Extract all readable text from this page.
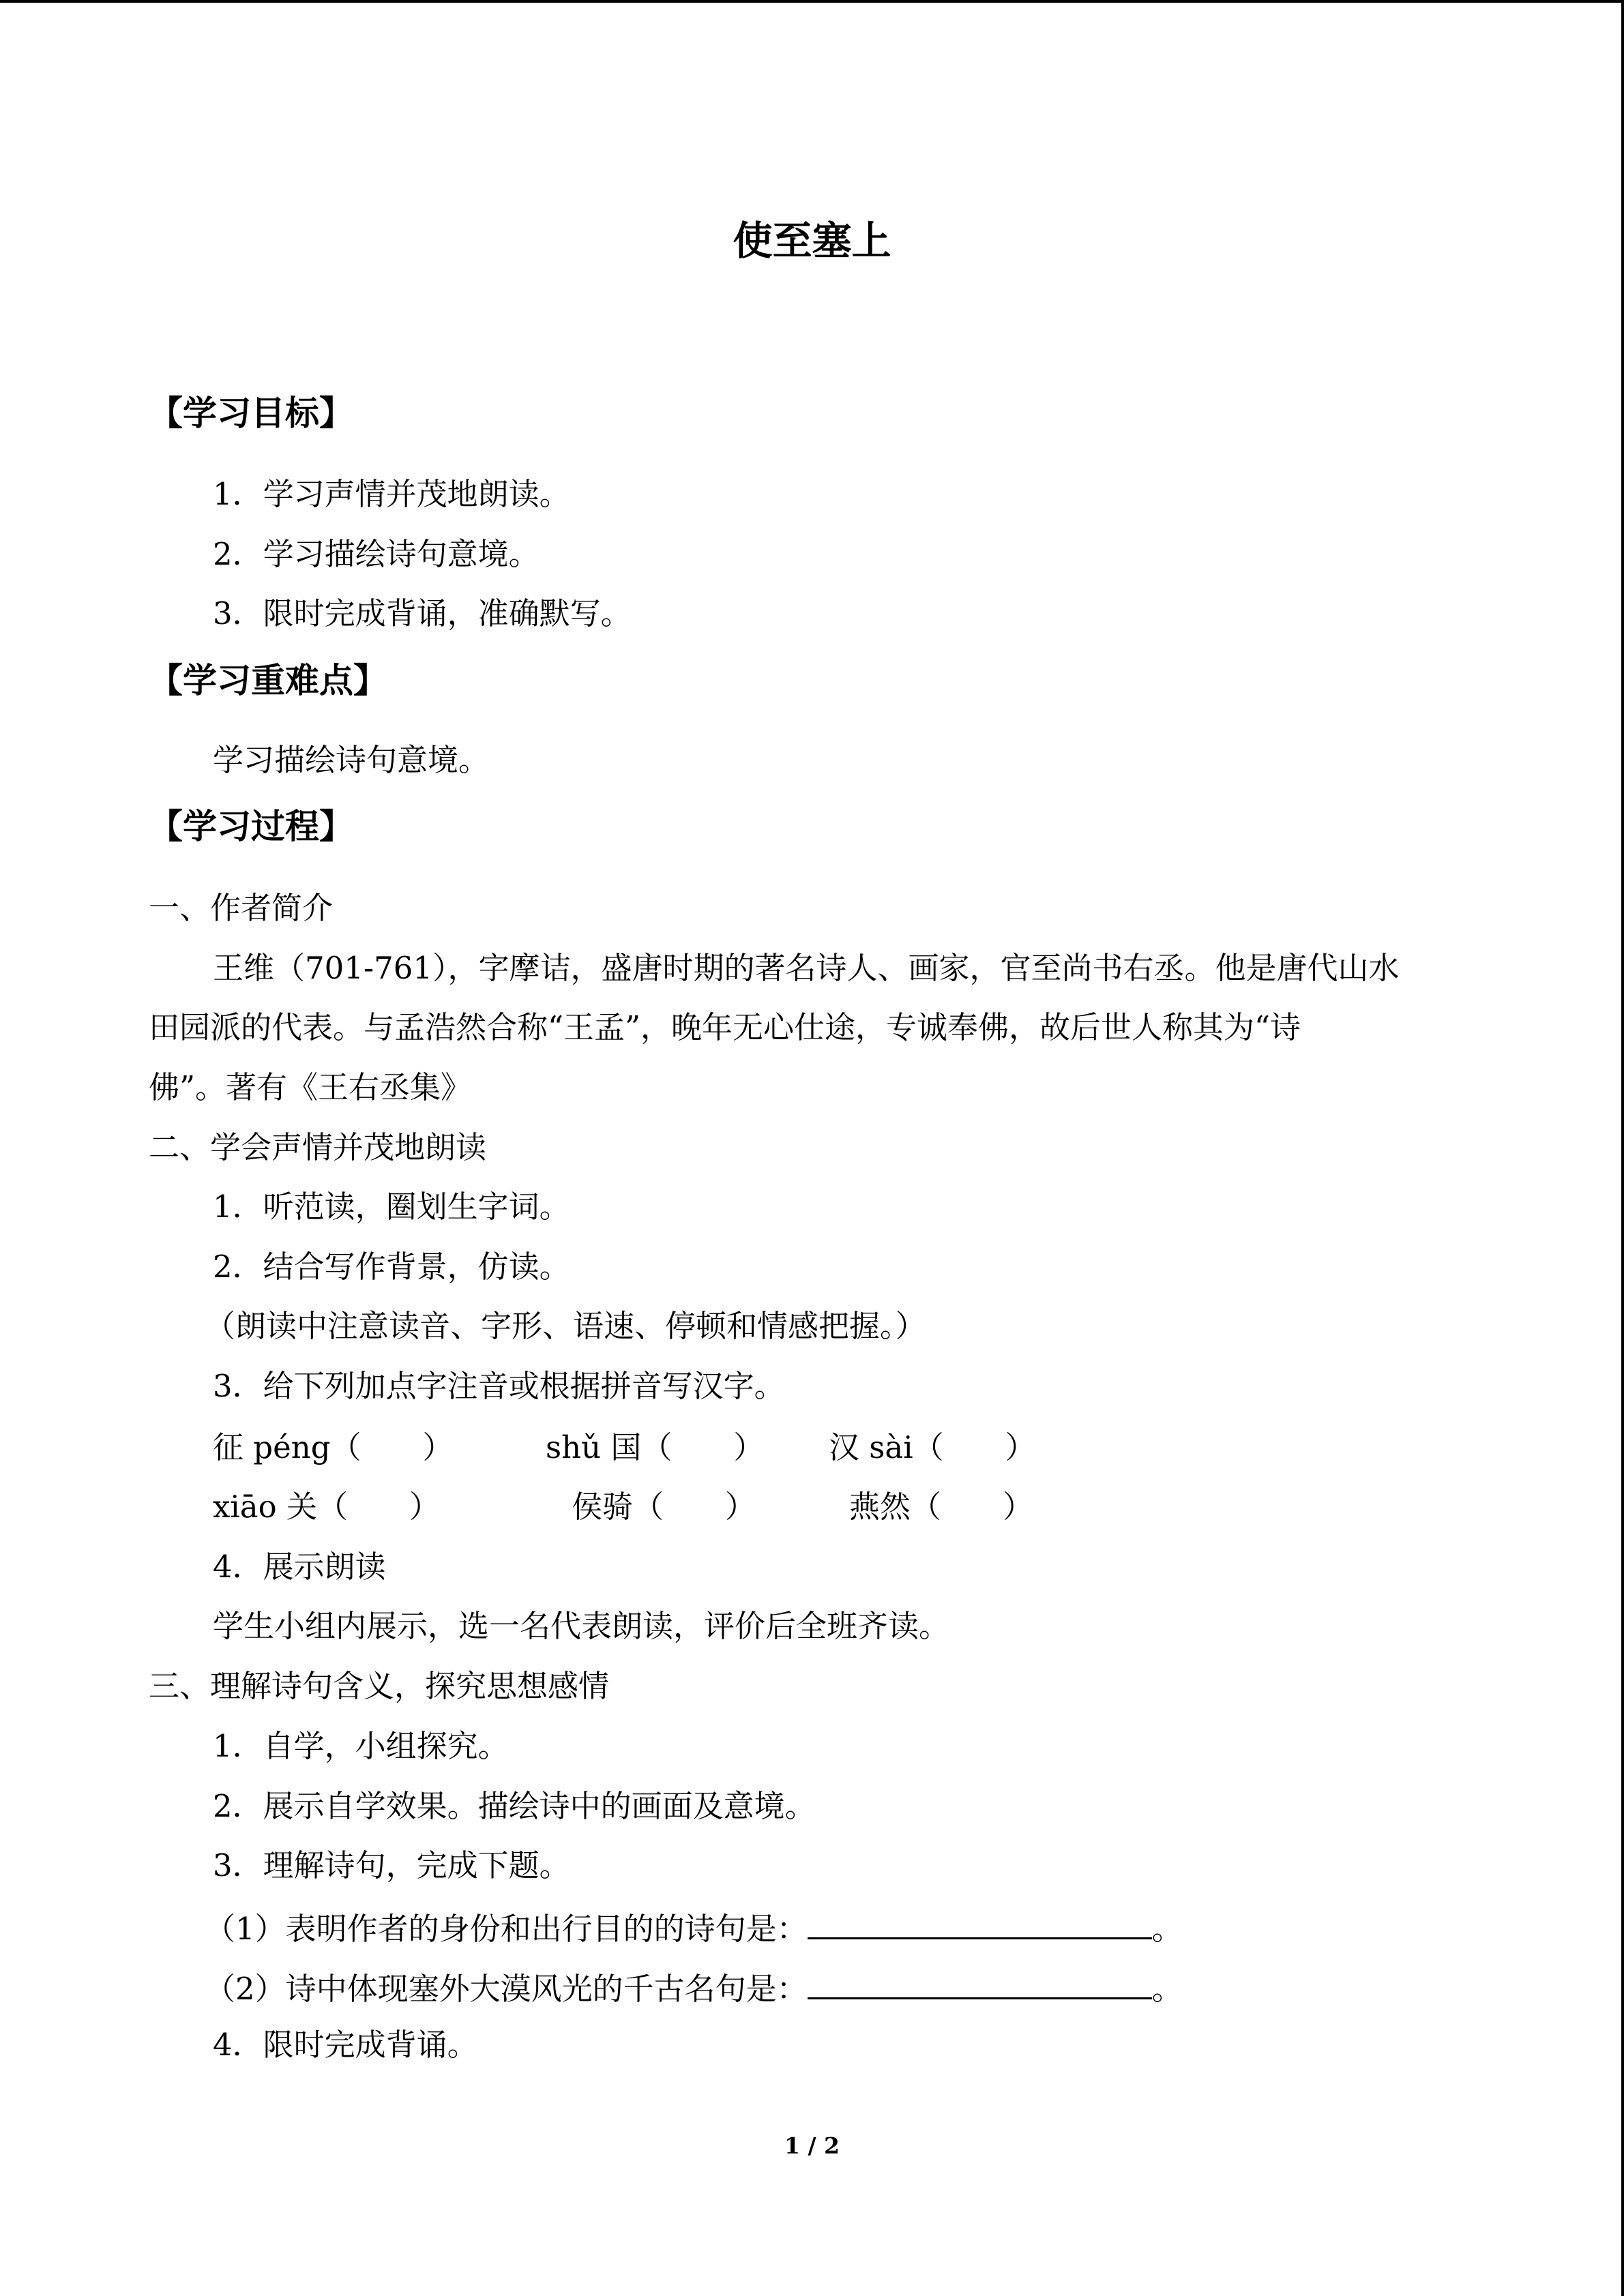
使至塞上
【学习目标】
1．学习声情并茂地朗读。
2．学习描绘诗句意境。
3．限时完成背诵，准确默写。
【学习重难点】
学习描绘诗句意境。
【学习过程】
一、作者简介
王维（701-761），字摩诘，盛唐时期的著名诗人、画家，官至尚书右丞。他是唐代山水
田园派的代表。与孟浩然合称“王孟”，晚年无心仕途，专诚奉佛，故后世人称其为“诗
佛”。著有《王右丞集》
二、学会声情并茂地朗读
1．听范读，圈划生字词。
2．结合写作背景，仿读。
（朗读中注意读音、字形、语速、停顿和情感把握。）
3．给下列加点字注音或根据拼音写汉字。
征 péng（　　）	shǔ 国（　　） 汉 sài（　　）
xiāo 关（　　）	侯骑（　　）	燕然（　　）
4．展示朗读
学生小组内展示，选一名代表朗读，评价后全班齐读。
三、理解诗句含义，探究思想感情
1．自学，小组探究。
2．展示自学效果。描绘诗中的画面及意境。
3．理解诗句，完成下题。
（1）表明作者的身份和出行目的的诗句是：	。
（2）诗中体现塞外大漠风光的千古名句是：	。
4．限时完成背诵。
1 / 2
